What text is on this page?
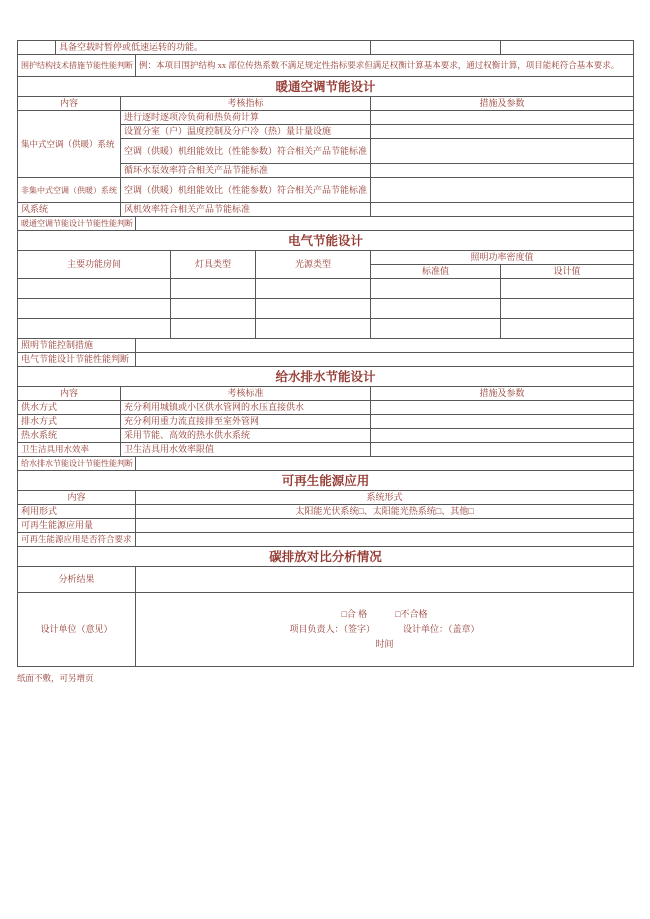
	具备空载时暂停或低速运转的功能。			
围护结构技术措施节能性能判断		例：本项目围护结构 xx 部位传热系数不满足规定性指标要求但满足权衡计算基本要求，通过权衡计算，项目能耗符合基本要求。		
暖通空调节能设计			
内容	考核指标		措施及参数
集中式空调（供暖）系统	进行逐时逐项冷负荷和热负荷计算		
	设置分室（户）温度控制及分户冷（热）量计量设施		
	空调（供暖）机组能效比（性能参数）符合相关产品节能标准		
	循环水泵效率符合相关产品节能标准		
非集中式空调（供暖）系统	空调（供暖）机组能效比（性能参数）符合相关产品节能标准		
风系统	风机效率符合相关产品节能标准		
暖通空调节能设计节能性能判断			
电气节能设计					
主要功能房间		灯具类型	光源类型	照明功率密度值	
				标准值	设计值

照明节能控制措施					
电气节能设计节能性能判断					
给水排水节能设计			
内容	考核标准		措施及参数
供水方式	充分利用城镇或小区供水管网的水压直接供水		
排水方式	充分利用重力流直接排至室外管网		
热水系统	采用节能、高效的热水供水系统		
卫生洁具用水效率	卫生洁具用水效率限值		
给水排水节能设计节能性能判断			
可再生能源应用	
内容	系统形式
利用形式	太阳能光伏系统□、太阳能光热系统□、其他□
可再生能源应用量	
可再生能源应用是否符合要求	
碳排放对比分析情况	
分析结果	
设计单位（意见）	□合 格 □不合格
项目负责人：（签字） 设计单位：（盖章）
时间
纸面不敷，可另增页
